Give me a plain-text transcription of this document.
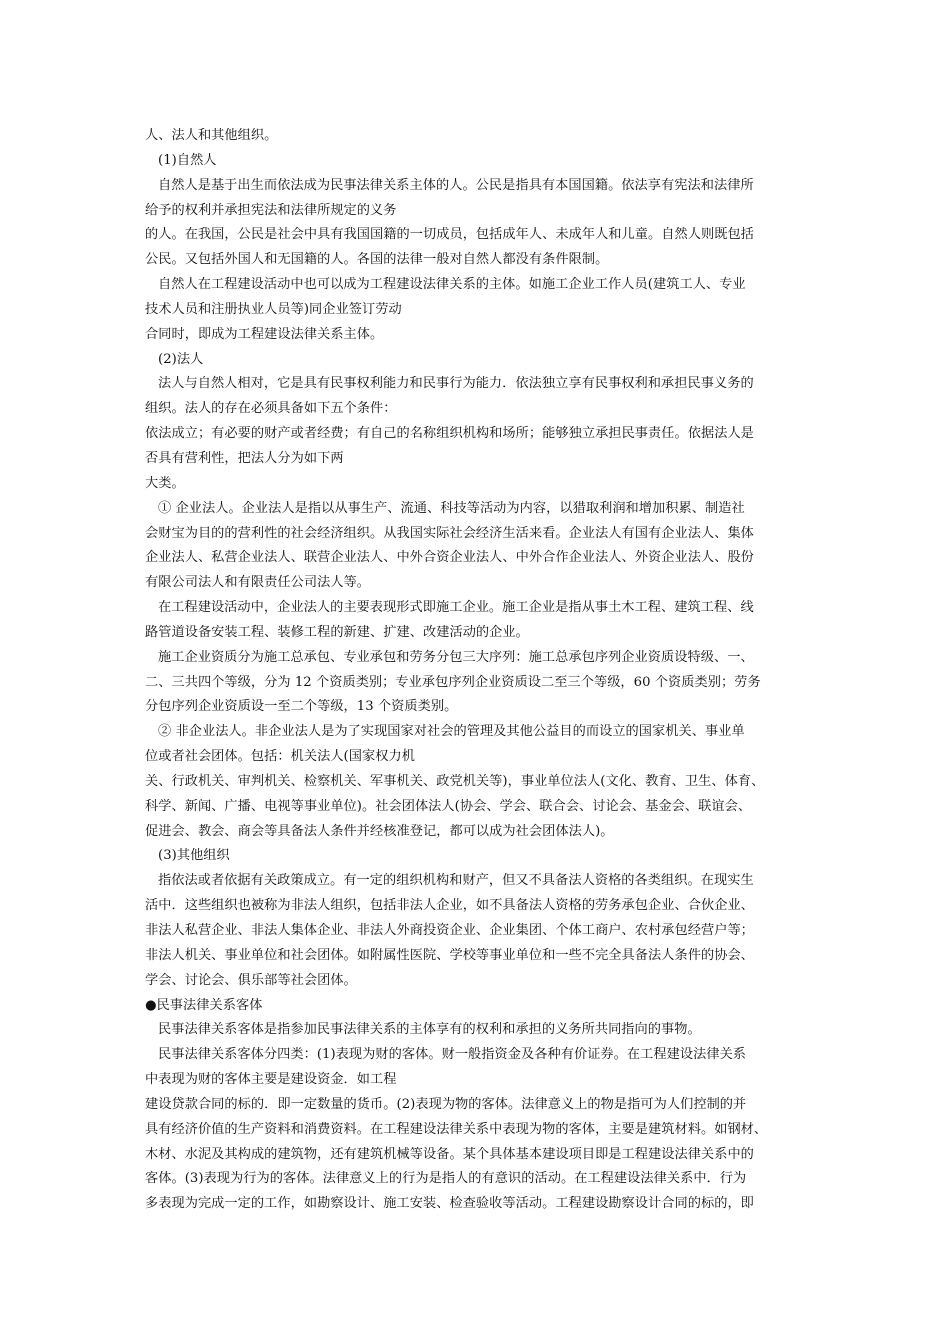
人、法人和其他组织。
(1)自然人
自然人是基于出生而依法成为民事法律关系主体的人。公民是指具有本国国籍。依法享有宪法和法律所
给予的权利并承担宪法和法律所规定的义务
的人。在我国，公民是社会中具有我国国籍的一切成员，包括成年人、未成年人和儿童。自然人则既包括
公民。又包括外国人和无国籍的人。各国的法律一般对自然人都没有条件限制。
自然人在工程建设活动中也可以成为工程建设法律关系的主体。如施工企业工作人员(建筑工人、专业
技术人员和注册执业人员等)同企业签订劳动
合同时，即成为工程建设法律关系主体。
(2)法人
法人与自然人相对，它是具有民事权利能力和民事行为能力．依法独立享有民事权利和承担民事义务的
组织。法人的存在必须具备如下五个条件：
依法成立；有必要的财产或者经费；有自己的名称组织机构和场所；能够独立承担民事责任。依据法人是
否具有营利性，把法人分为如下两
大类。
① 企业法人。企业法人是指以从事生产、流通、科技等活动为内容，以猎取利润和增加积累、制造社
会财宝为目的的营利性的社会经济组织。从我国实际社会经济生活来看。企业法人有国有企业法人、集体
企业法人、私营企业法人、联营企业法人、中外合资企业法人、中外合作企业法人、外资企业法人、股份
有限公司法人和有限责任公司法人等。
在工程建设活动中，企业法人的主要表现形式即施工企业。施工企业是指从事土木工程、建筑工程、线
路管道设备安装工程、装修工程的新建、扩建、改建活动的企业。
施工企业资质分为施工总承包、专业承包和劳务分包三大序列：施工总承包序列企业资质设特级、一、
二、三共四个等级，分为 12 个资质类别；专业承包序列企业资质设二至三个等级，60 个资质类别；劳务
分包序列企业资质设一至二个等级，13 个资质类别。
② 非企业法人。非企业法人是为了实现国家对社会的管理及其他公益目的而设立的国家机关、事业单
位或者社会团体。包括：机关法人(国家权力机
关、行政机关、审判机关、检察机关、军事机关、政党机关等)，事业单位法人(文化、教育、卫生、体育、
科学、新闻、广播、电视等事业单位)。社会团体法人(协会、学会、联合会、讨论会、基金会、联谊会、
促进会、教会、商会等具备法人条件并经核准登记，都可以成为社会团体法人)。
(3)其他组织
指依法或者依据有关政策成立。有一定的组织机构和财产，但又不具备法人资格的各类组织。在现实生
活中．这些组织也被称为非法人组织，包括非法人企业，如不具备法人资格的劳务承包企业、合伙企业、
非法人私营企业、非法人集体企业、非法人外商投资企业、企业集团、个体工商户、农村承包经营户等；
非法人机关、事业单位和社会团体。如附属性医院、学校等事业单位和一些不完全具备法人条件的协会、
学会、讨论会、俱乐部等社会团体。
●民事法律关系客体
民事法律关系客体是指参加民事法律关系的主体享有的权利和承担的义务所共同指向的事物。
民事法律关系客体分四类：(1)表现为财的客体。财一般指资金及各种有价证券。在工程建设法律关系
中表现为财的客体主要是建设资金．如工程
建设贷款合同的标的．即一定数量的货币。(2)表现为物的客体。法律意义上的物是指可为人们控制的并
具有经济价值的生产资料和消费资料。在工程建设法律关系中表现为物的客体，主要是建筑材料。如钢材、
木材、水泥及其构成的建筑物，还有建筑机械等设备。某个具体基本建设项目即是工程建设法律关系中的
客体。(3)表现为行为的客体。法律意义上的行为是指人的有意识的活动。在工程建设法律关系中．行为
多表现为完成一定的工作，如勘察设计、施工安装、检查验收等活动。工程建设勘察设计合同的标的，即
